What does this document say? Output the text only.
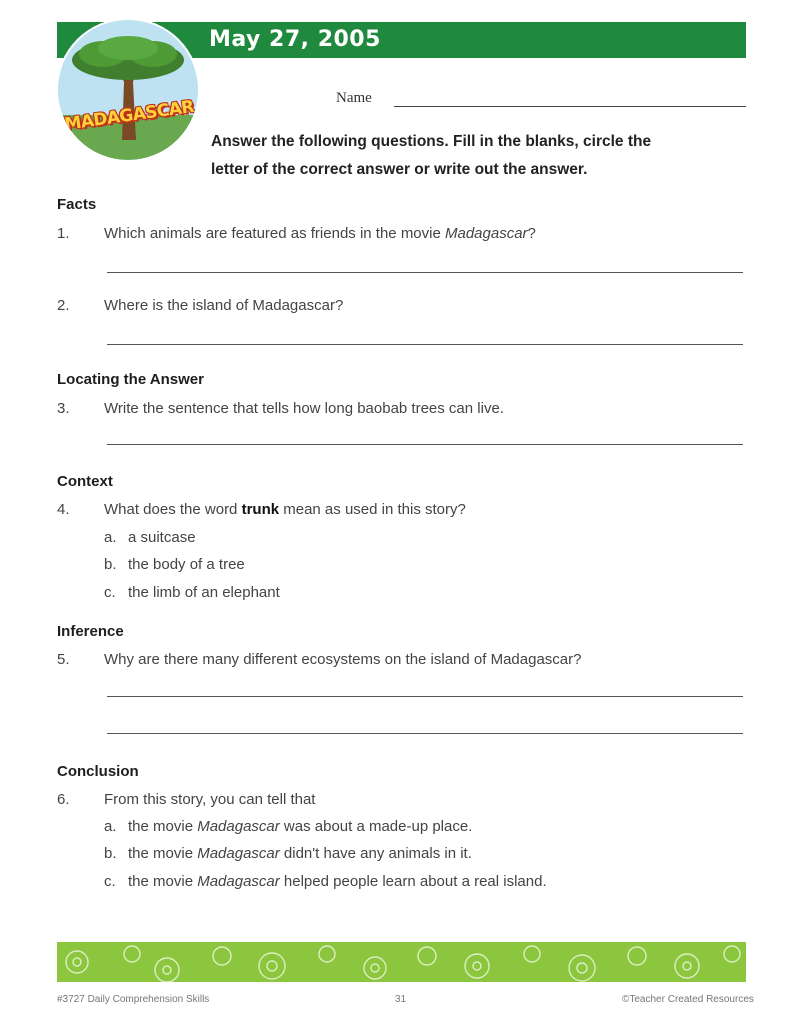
May 27, 2005
MADAGASCAR	Name
Answer the following questions. Fill in the blanks, circle the
letter of the correct answer or write out the answer.
Facts
1. Which animals are featured as friends in the movie Madagascar?
2. Where is the island of Madagascar?
Locating the Answer
3. Write the sentence that tells how long baobab trees can live.
Context
4. What does the word trunk mean as used in this story?
a. a suitcase
b. the body of a tree
c. the limb of an elephant
Inference
5. Why are there many different ecosystems on the island of Madagascar?
Conclusion
6. From this story, you can tell that
a. the movie Madagascar was about a made-up place.
b. the movie Madagascar didn't have any animals in it.
c. the movie Madagascar helped people learn about a real island.
#3727 Daily Comprehension Skills	31	©Teacher Created Resources
